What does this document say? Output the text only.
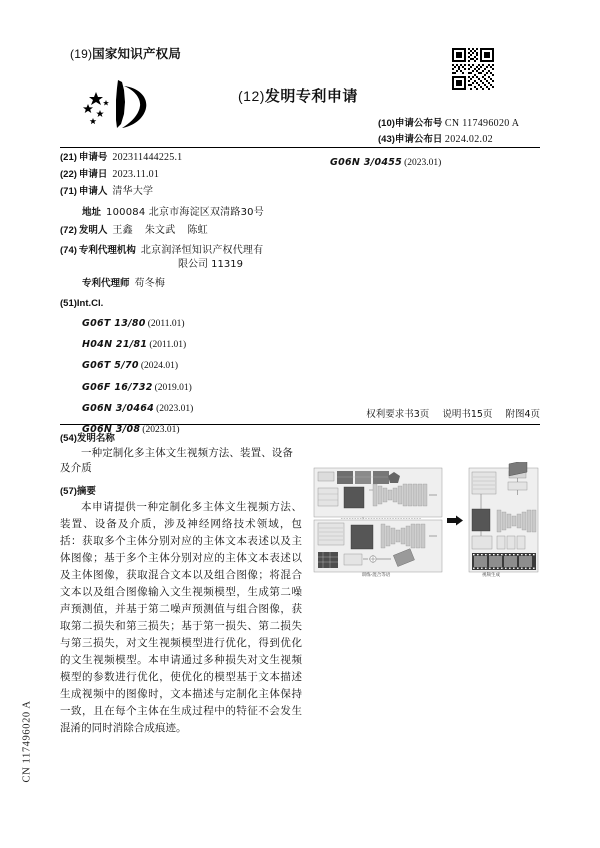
CN 117496020 A
(19)国家知识产权局
(12)发明专利申请
(10)申请公布号 CN 117496020 A
(43)申请公布日 2024.02.02
(21) 申请号 202311444225.1
(22) 申请日 2023.11.01
(71) 申请人 清华大学
地址 100084 北京市海淀区双清路30号
(72) 发明人 王鑫 朱文武 陈虹
(74) 专利代理机构 北京润泽恒知识产权代理有
限公司 11319
专利代理师 苟冬梅
G06N 3/0455 (2023.01)
(51)Int.Cl.
G06T 13/80 (2011.01)
H04N 21/81 (2011.01)
G06T 5/70 (2024.01)
G06F 16/732 (2019.01)
G06N 3/0464 (2023.01)
G06N 3/08 (2023.01)
权利要求书3页 说明书15页 附图4页
(54)发明名称
一种定制化多主体文生视频方法、装置、设备及介质
(57)摘要
本申请提供一种定制化多主体文生视频方法、装置、设备及介质，涉及神经网络技术领域，包括：获取多个主体分别对应的主体文本表述以及主体图像；基于多个主体分别对应的主体文本表述以及主体图像，获取混合文本以及组合图像；将混合文本以及组合图像输入文生视频模型，生成第二噪声预测值，并基于第二噪声预测值与组合图像，获取第二损失和第三损失；基于第一损失、第二损失与第三损失，对文生视频模型进行优化，得到优化的文生视频模型。本申请通过多种损失对文生视频模型的参数进行优化，使优化的模型基于文本描述生成视频中的图像时，文本描述与定制化主体保持一致，且在每个主体在生成过程中的特征不会发生混淆的同时消除合成痕迹。
训练-混合等语	视频生成
